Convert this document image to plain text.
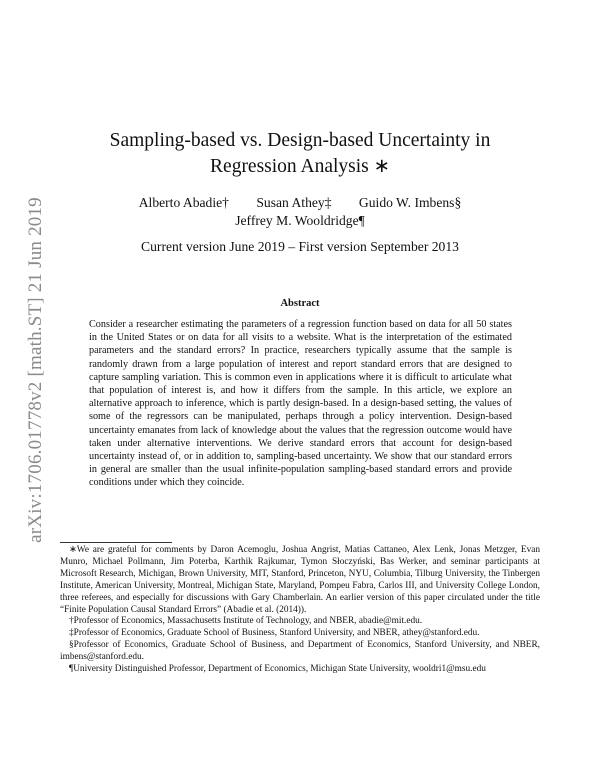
arXiv:1706.01778v2 [math.ST] 21 Jun 2019
Sampling-based vs. Design-based Uncertainty in
Regression Analysis ∗
Alberto Abadie† Susan Athey‡ Guido W. Imbens§
Jeffrey M. Wooldridge¶
Current version June 2019 – First version September 2013
Abstract
Consider a researcher estimating the parameters of a regression function based on data for all 50 states in the United States or on data for all visits to a website. What is the interpretation of the estimated parameters and the standard errors? In practice, researchers typically assume that the sample is randomly drawn from a large population of interest and report standard errors that are designed to capture sampling variation. This is common even in applications where it is difficult to articulate what that population of interest is, and how it differs from the sample. In this article, we explore an alternative approach to inference, which is partly design-based. In a design-based setting, the values of some of the regressors can be manipulated, perhaps through a policy intervention. Design-based uncertainty emanates from lack of knowledge about the values that the regression outcome would have taken under alternative interventions. We derive standard errors that account for design-based uncertainty instead of, or in addition to, sampling-based uncertainty. We show that our standard errors in general are smaller than the usual infinite-population sampling-based standard errors and provide conditions under which they coincide.

∗We are grateful for comments by Daron Acemoglu, Joshua Angrist, Matias Cattaneo, Alex Lenk, Jonas Metzger, Evan Munro, Michael Pollmann, Jim Poterba, Karthik Rajkumar, Tymon Słoczyński, Bas Werker, and seminar participants at Microsoft Research, Michigan, Brown University, MIT, Stanford, Princeton, NYU, Columbia, Tilburg University, the Tinbergen Institute, American University, Montreal, Michigan State, Maryland, Pompeu Fabra, Carlos III, and University College London, three referees, and especially for discussions with Gary Chamberlain. An earlier version of this paper circulated under the title “Finite Population Causal Standard Errors” (Abadie et al. (2014)).

†Professor of Economics, Massachusetts Institute of Technology, and NBER, abadie@mit.edu.

‡Professor of Economics, Graduate School of Business, Stanford University, and NBER, athey@stanford.edu.

§Professor of Economics, Graduate School of Business, and Department of Economics, Stanford University, and NBER, imbens@stanford.edu.

¶University Distinguished Professor, Department of Economics, Michigan State University, wooldri1@msu.edu
